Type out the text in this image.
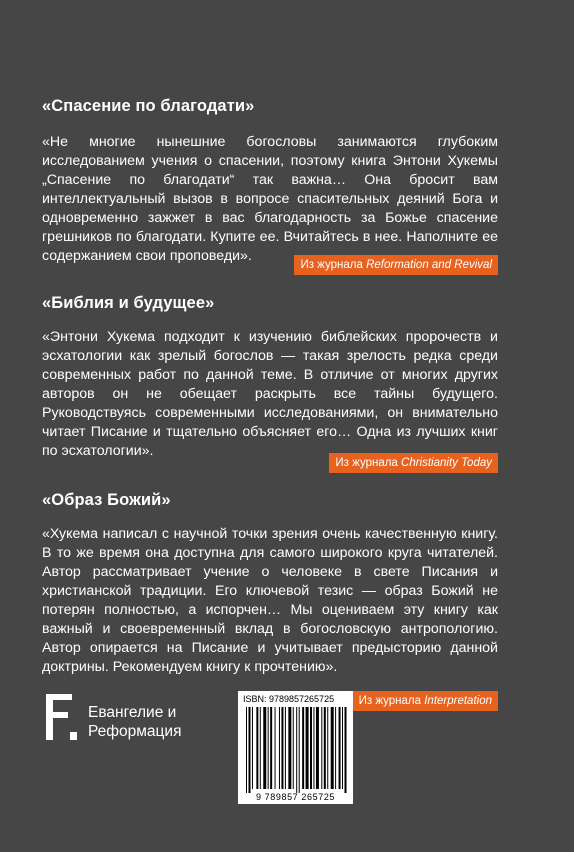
«Спасение по благодати»

«Не многие нынешние богословы занимаются глубоким исследованием учения о спасении, поэтому книга Энтони Хукемы „Спасение по благодати“ так важна… Она бросит вам интеллектуальный вызов в вопросе спасительных деяний Бога и одновременно зажжет в вас благодарность за Божье спасение грешников по благодати. Купите ее. Вчитайтесь в нее. Наполните ее содержанием свои проповеди».

Из журнала Reformation and Revival
«Библия и будущее»

«Энтони Хукема подходит к изучению библейских пророчеств и эсхатологии как зрелый богослов — такая зрелость редка среди современных работ по данной теме. В отличие от многих других авторов он не обещает раскрыть все тайны будущего. Руководствуясь современными исследованиями, он внимательно читает Писание и тщательно объясняет его… Одна из лучших книг по эсхатологии».

Из журнала Christianity Today
«Образ Божий»

«Хукема написал с научной точки зрения очень качественную книгу. В то же время она доступна для самого широкого круга читателей. Автор рассматривает учение о человеке в свете Писания и христианской традиции. Его ключевой тезис — образ Божий не потерян полностью, а испорчен… Мы оцениваем эту книгу как важный и своевременный вклад в богословскую антропологию. Автор опирается на Писание и учитывает предысторию данной доктрины. Рекомендуем книгу к прочтению».

Из журнала Interpretation
Евангелие и
Реформация
ISBN: 9789857265725
9 789857 265725
